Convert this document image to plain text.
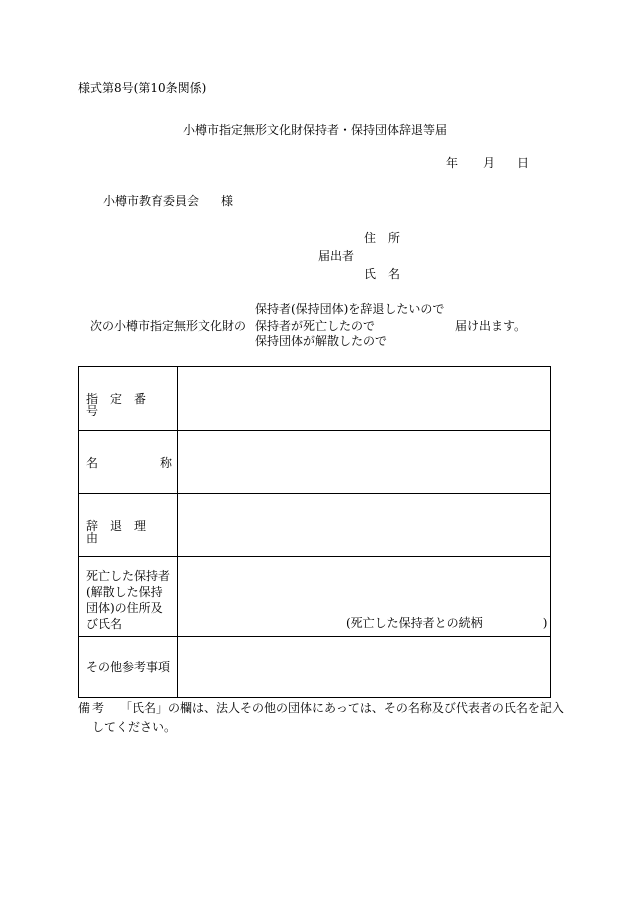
様式第8号(第10条関係)
小樽市指定無形文化財保持者・保持団体辞退等届
年 月 日
小樽市教育委員会 様
住　所
届出者
氏　名
次の小樽市指定無形文化財の
保持者(保持団体)を辞退したいので
保持者が死亡したので
保持団体が解散したので
届け出ます。
指定番号
名	称
辞退理由
死亡した保持者(解散した保持団体)の住所及び氏名	(死亡した保持者との続柄	)
その他参考事項
備考 「氏名」の欄は、法人その他の団体にあっては、その名称及び代表者の氏名を記入
してください。
